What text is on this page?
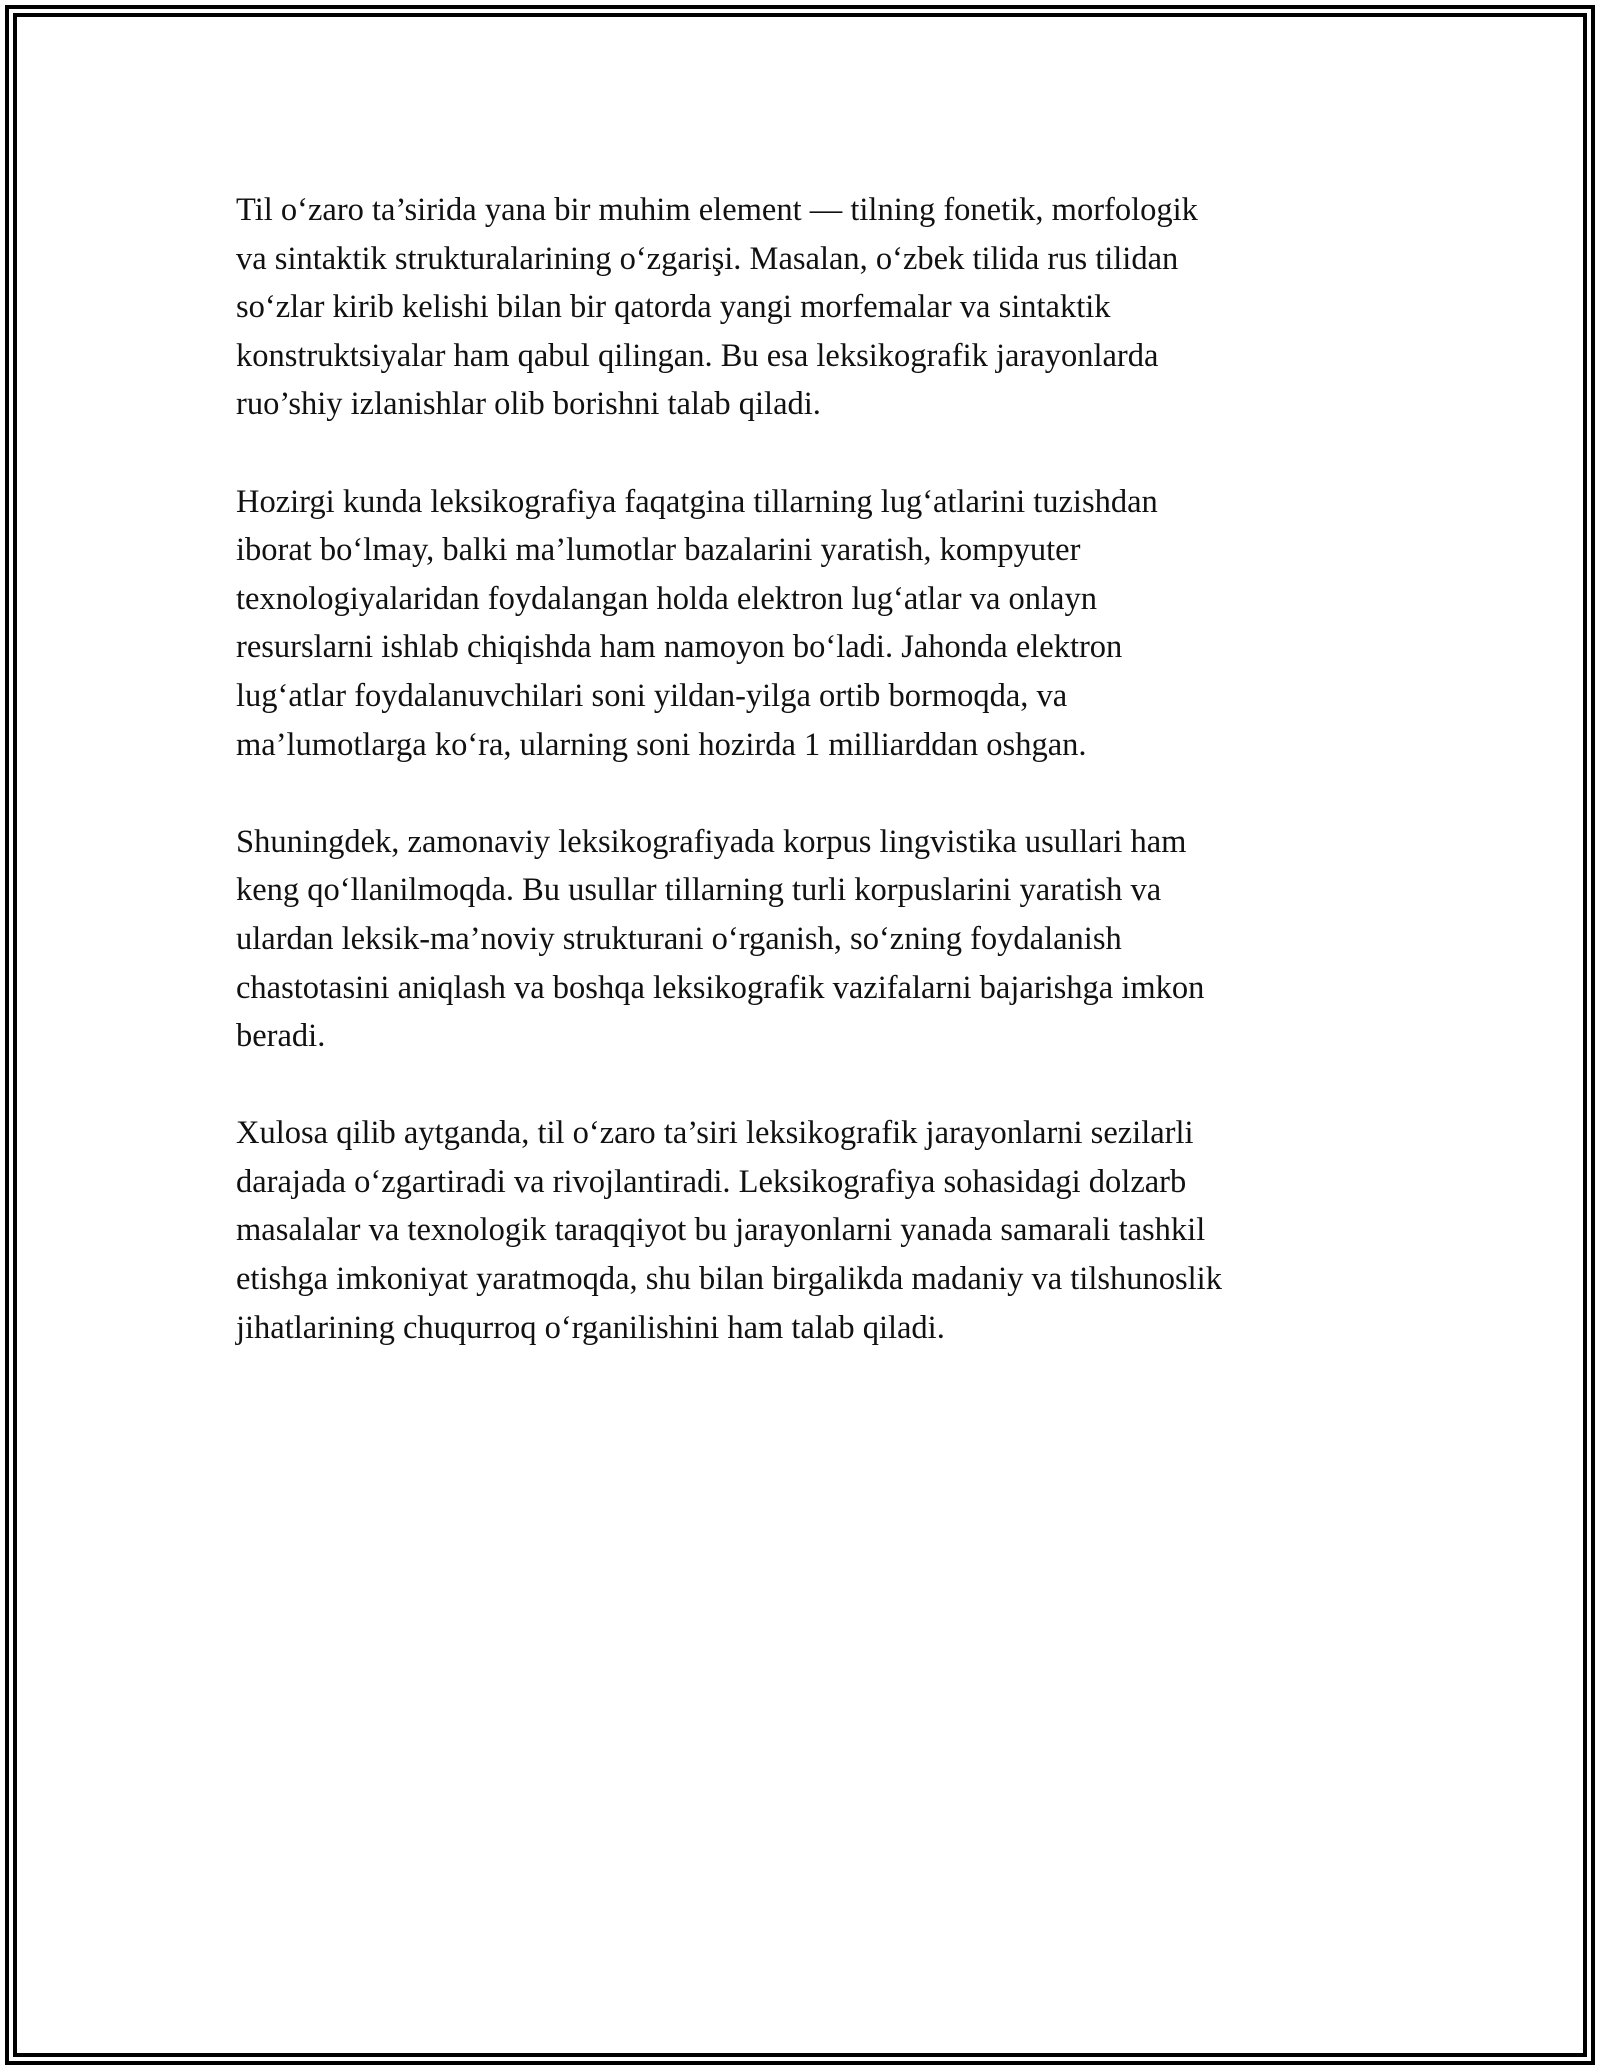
Til o‘zaro ta’sirida yana bir muhim element — tilning fonetik, morfologik
va sintaktik strukturalarining o‘zgarişi. Masalan, o‘zbek tilida rus tilidan
so‘zlar kirib kelishi bilan bir qatorda yangi morfemalar va sintaktik
konstruktsiyalar ham qabul qilingan. Bu esa leksikografik jarayonlarda
ruo’shiy izlanishlar olib borishni talab qiladi.

Hozirgi kunda leksikografiya faqatgina tillarning lug‘atlarini tuzishdan
iborat bo‘lmay, balki ma’lumotlar bazalarini yaratish, kompyuter
texnologiyalaridan foydalangan holda elektron lug‘atlar va onlayn
resurslarni ishlab chiqishda ham namoyon bo‘ladi. Jahonda elektron
lug‘atlar foydalanuvchilari soni yildan-yilga ortib bormoqda, va
ma’lumotlarga ko‘ra, ularning soni hozirda 1 milliarddan oshgan.

Shuningdek, zamonaviy leksikografiyada korpus lingvistika usullari ham
keng qo‘llanilmoqda. Bu usullar tillarning turli korpuslarini yaratish va
ulardan leksik-ma’noviy strukturani o‘rganish, so‘zning foydalanish
chastotasini aniqlash va boshqa leksikografik vazifalarni bajarishga imkon
beradi.

Xulosa qilib aytganda, til o‘zaro ta’siri leksikografik jarayonlarni sezilarli
darajada o‘zgartiradi va rivojlantiradi. Leksikografiya sohasidagi dolzarb
masalalar va texnologik taraqqiyot bu jarayonlarni yanada samarali tashkil
etishga imkoniyat yaratmoqda, shu bilan birgalikda madaniy va tilshunoslik
jihatlarining chuqurroq o‘rganilishini ham talab qiladi.
